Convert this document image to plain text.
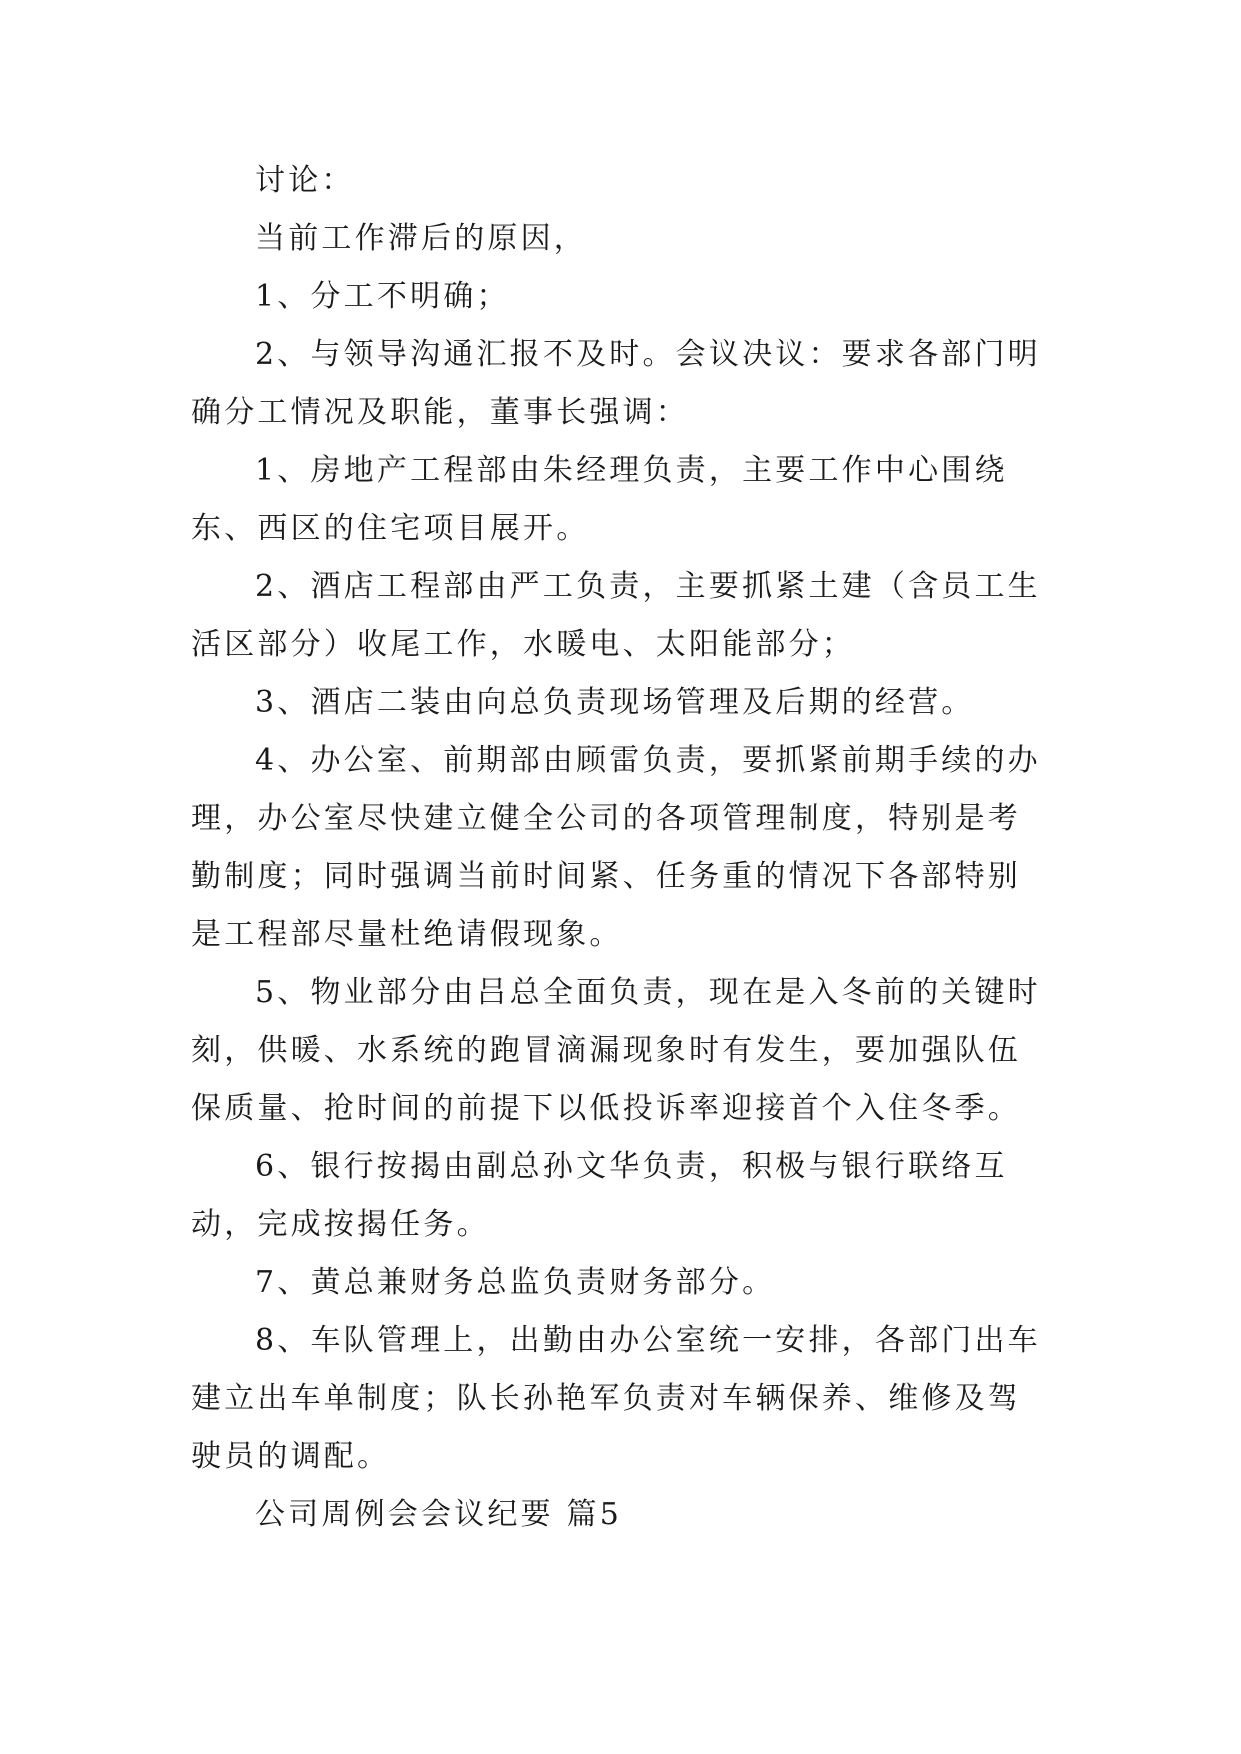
讨论：

当前工作滞后的原因，

1、分工不明确；

2、与领导沟通汇报不及时。会议决议：要求各部门明确分工情况及职能，董事长强调：

1、房地产工程部由朱经理负责，主要工作中心围绕东、西区的住宅项目展开。

2、酒店工程部由严工负责，主要抓紧土建（含员工生活区部分）收尾工作，水暖电、太阳能部分；

3、酒店二装由向总负责现场管理及后期的经营。

4、办公室、前期部由顾雷负责，要抓紧前期手续的办理，办公室尽快建立健全公司的各项管理制度，特别是考勤制度；同时强调当前时间紧、任务重的情况下各部特别是工程部尽量杜绝请假现象。

5、物业部分由吕总全面负责，现在是入冬前的关键时刻，供暖、水系统的跑冒滴漏现象时有发生，要加强队伍保质量、抢时间的前提下以低投诉率迎接首个入住冬季。

6、银行按揭由副总孙文华负责，积极与银行联络互动，完成按揭任务。

7、黄总兼财务总监负责财务部分。

8、车队管理上，出勤由办公室统一安排，各部门出车建立出车单制度；队长孙艳军负责对车辆保养、维修及驾驶员的调配。

公司周例会会议纪要 篇5
